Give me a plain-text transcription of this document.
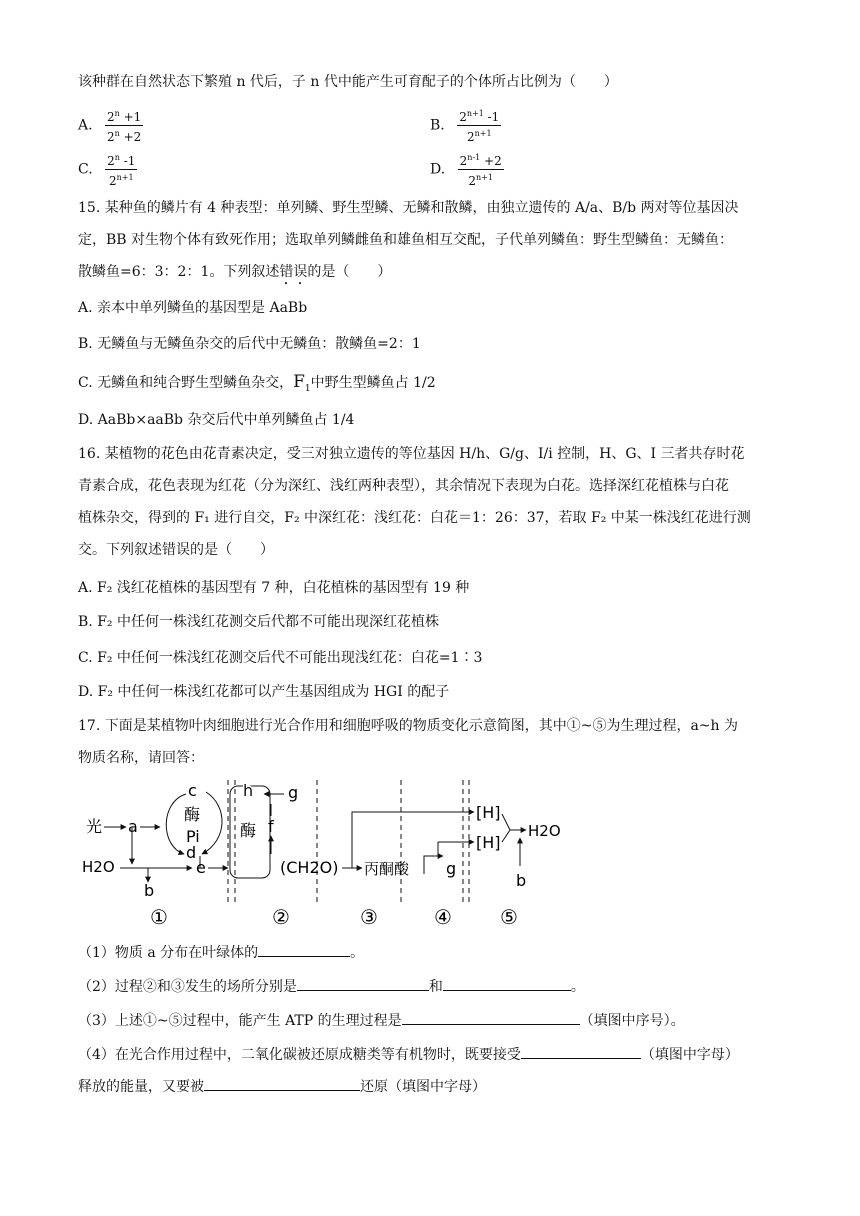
该种群在自然状态下繁殖 n 代后，子 n 代中能产生可育配子的个体所占比例为（　　）
A. $\frac{2^n +1}{2^n +2}$	B. $\frac{2^{n+1} -1}{2^{n+1}}$
C. $\frac{2^n -1}{2^{n+1}}$	D. $\frac{2^{n-1} +2}{2^{n+1}}$
15. 某种鱼的鳞片有 4 种表型：单列鳞、野生型鳞、无鳞和散鳞，由独立遗传的 A/a、B/b 两对等位基因决
定，BB 对生物个体有致死作用；选取单列鳞雌鱼和雄鱼相互交配，子代单列鳞鱼：野生型鳞鱼：无鳞鱼：
散鳞鱼=6：3：2：1。下列叙述错误的是（　　）
A. 亲本中单列鳞鱼的基因型是 AaBb
B. 无鳞鱼与无鳞鱼杂交的后代中无鳞鱼：散鳞鱼=2：1
C. 无鳞鱼和纯合野生型鳞鱼杂交，$F_1$中野生型鳞鱼占 1/2
D. AaBb×aaBb 杂交后代中单列鳞鱼占 1/4
16. 某植物的花色由花青素决定，受三对独立遗传的等位基因 H/h、G/g、I/i 控制，H、G、I 三者共存时花
青素合成，花色表现为红花（分为深红、浅红两种表型），其余情况下表现为白花。选择深红花植株与白花
植株杂交，得到的 F₁ 进行自交，F₂ 中深红花：浅红花：白花＝1：26：37，若取 F₂ 中某一株浅红花进行测
交。下列叙述错误的是（　　）
A. F₂ 浅红花植株的基因型有 7 种，白花植株的基因型有 19 种
B. F₂ 中任何一株浅红花测交后代都不可能出现深红花植株
C. F₂ 中任何一株浅红花测交后代不可能出现浅红花：白花=1∶3
D. F₂ 中任何一株浅红花都可以产生基因组成为 HGI 的配子
17. 下面是某植物叶肉细胞进行光合作用和细胞呼吸的物质变化示意简图，其中①~⑤为生理过程，a~h 为
物质名称，请回答：
光 a
c
酶
Pi
d
H2O
b
e
h
酶
g
f
(CH2O) 丙酮酸 g
[H]
[H]
H2O
b
①	②	③	④ ⑤
（1）物质 a 分布在叶绿体的	。
（2）过程②和③发生的场所分别是	和	。
（3）上述①~⑤过程中，能产生 ATP 的生理过程是	（填图中序号）。
（4）在光合作用过程中，二氧化碳被还原成糖类等有机物时，既要接受	（填图中字母）
释放的能量，又要被	还原（填图中字母）
